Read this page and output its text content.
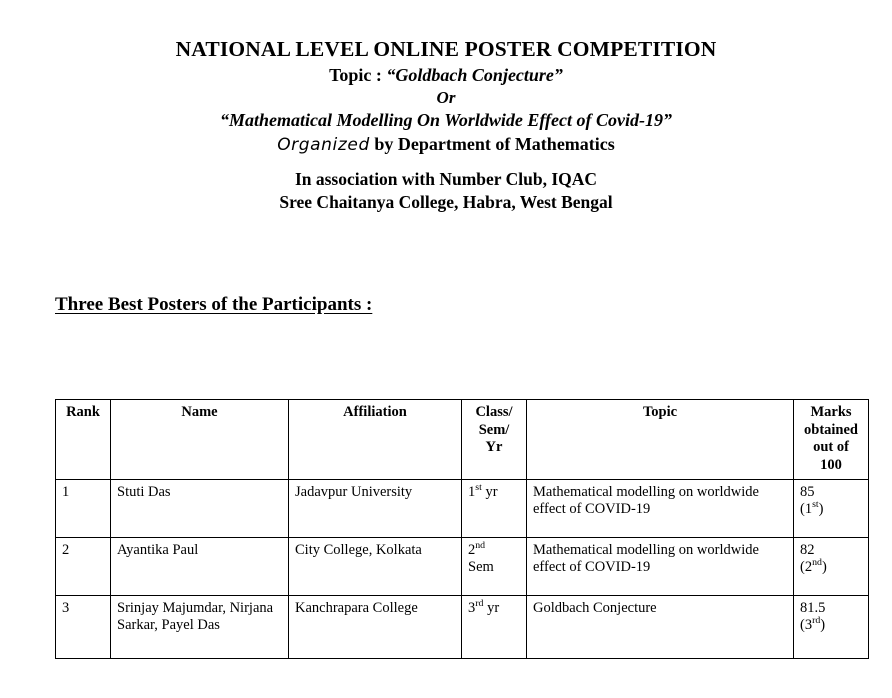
NATIONAL LEVEL ONLINE POSTER COMPETITION
Topic : “Goldbach Conjecture”
Or
“Mathematical Modelling On Worldwide Effect of Covid-19”
Organized by Department of Mathematics
In association with Number Club, IQAC
Sree Chaitanya College, Habra, West Bengal
Three Best Posters of the Participants :
Rank	Name	Affiliation	Class/
Sem/
Yr	Topic	Marks
obtained
out of
100

1	Stuti Das	Jadavpur University	1st yr	Mathematical modelling on worldwide effect of COVID-19	85
(1st)

2	Ayantika Paul	City College, Kolkata	2nd
Sem	Mathematical modelling on worldwide effect of COVID-19	82
(2nd)

3	Srinjay Majumdar, Nirjana Sarkar, Payel Das	Kanchrapara College	3rd yr	Goldbach Conjecture	81.5
(3rd)
